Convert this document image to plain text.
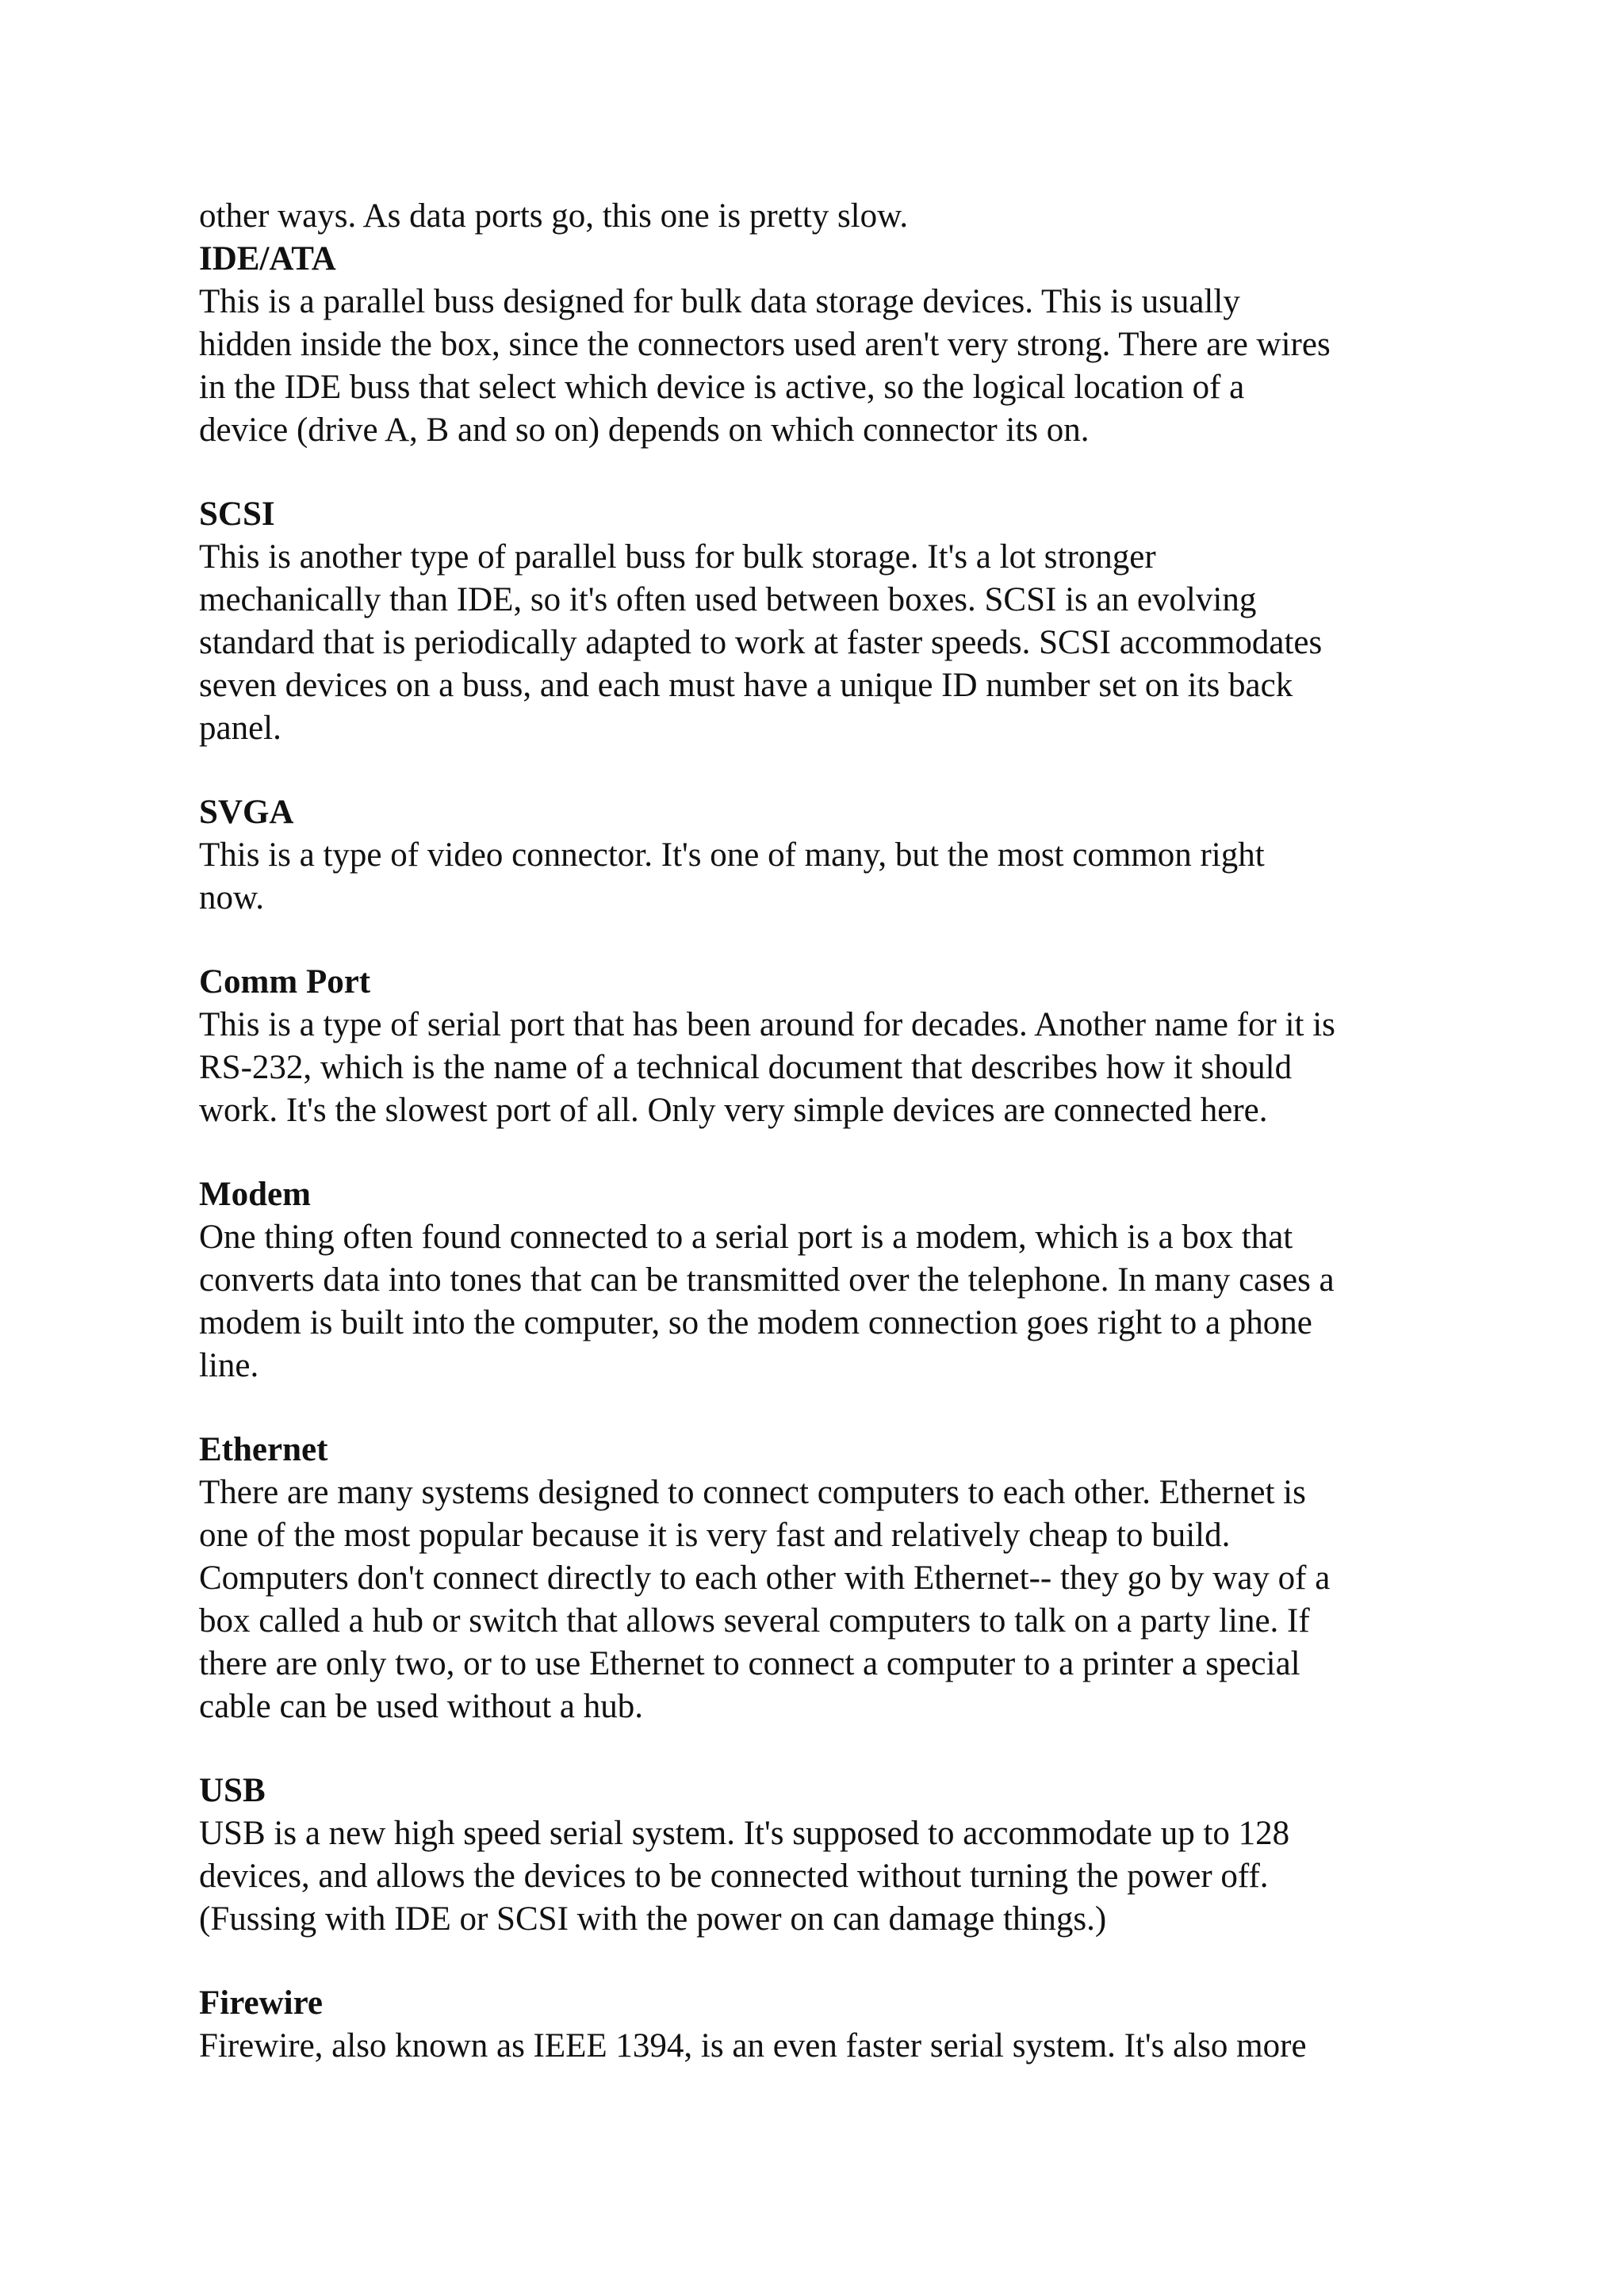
other ways. As data ports go, this one is pretty slow.
IDE/ATA
This is a parallel buss designed for bulk data storage devices. This is usually
hidden inside the box, since the connectors used aren't very strong. There are wires
in the IDE buss that select which device is active, so the logical location of a
device (drive A, B and so on) depends on which connector its on.
SCSI
This is another type of parallel buss for bulk storage. It's a lot stronger
mechanically than IDE, so it's often used between boxes. SCSI is an evolving
standard that is periodically adapted to work at faster speeds. SCSI accommodates
seven devices on a buss, and each must have a unique ID number set on its back
panel.
SVGA
This is a type of video connector. It's one of many, but the most common right
now.
Comm Port
This is a type of serial port that has been around for decades. Another name for it is
RS-232, which is the name of a technical document that describes how it should
work. It's the slowest port of all. Only very simple devices are connected here.
Modem
One thing often found connected to a serial port is a modem, which is a box that
converts data into tones that can be transmitted over the telephone. In many cases a
modem is built into the computer, so the modem connection goes right to a phone
line.
Ethernet
There are many systems designed to connect computers to each other. Ethernet is
one of the most popular because it is very fast and relatively cheap to build.
Computers don't connect directly to each other with Ethernet-- they go by way of a
box called a hub or switch that allows several computers to talk on a party line. If
there are only two, or to use Ethernet to connect a computer to a printer a special
cable can be used without a hub.
USB
USB is a new high speed serial system. It's supposed to accommodate up to 128
devices, and allows the devices to be connected without turning the power off.
(Fussing with IDE or SCSI with the power on can damage things.)
Firewire
Firewire, also known as IEEE 1394, is an even faster serial system. It's also more
